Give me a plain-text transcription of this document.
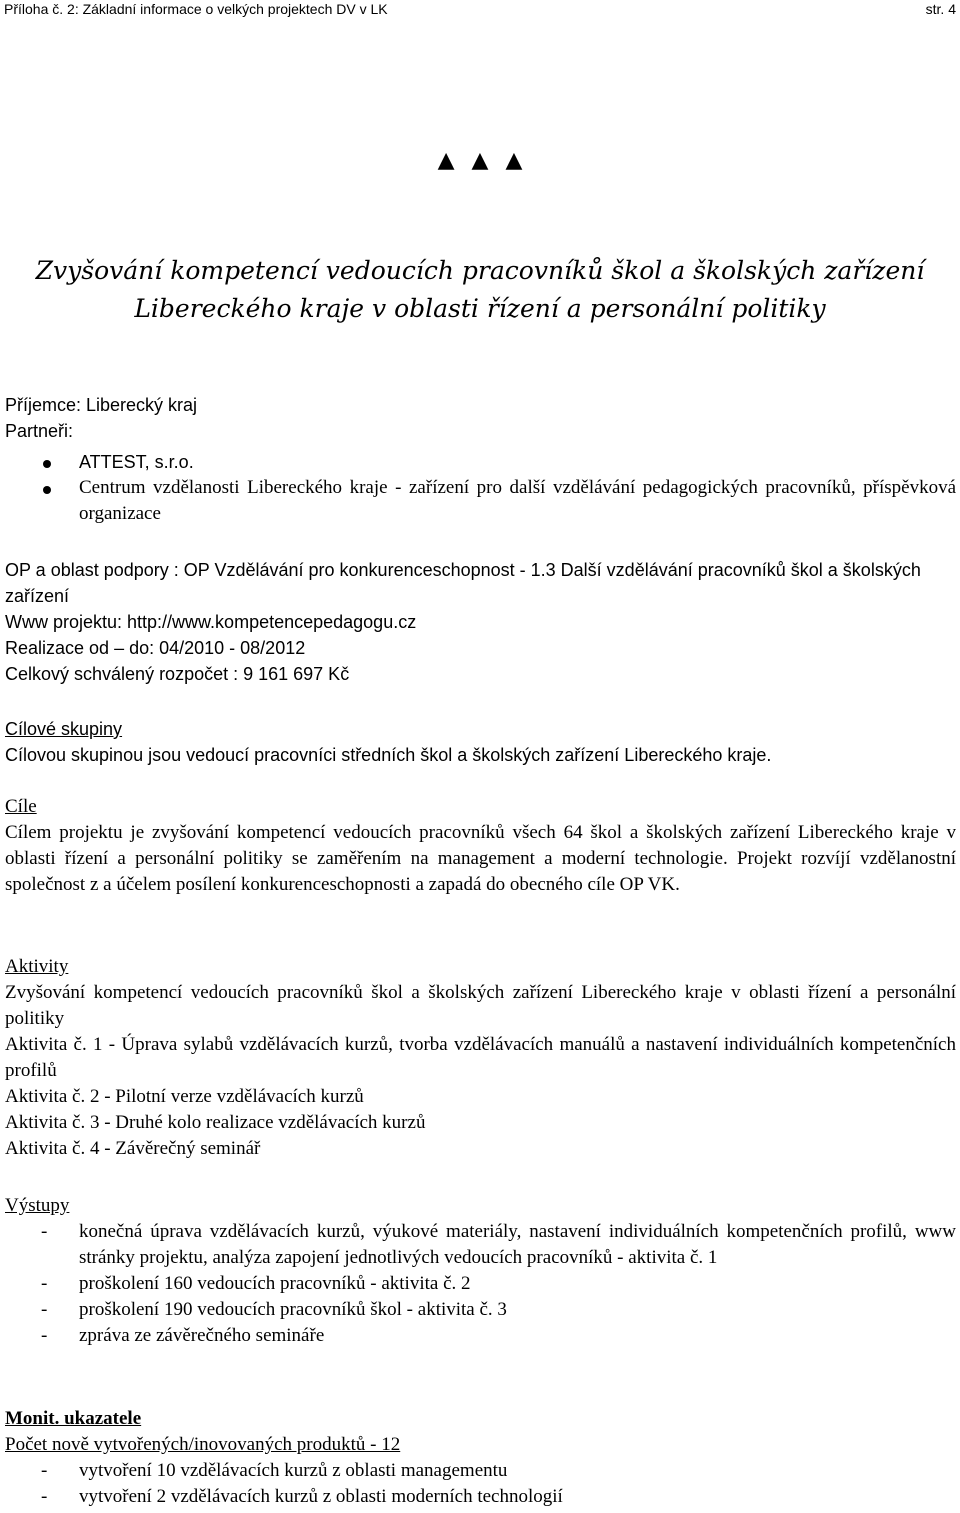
Příloha č. 2: Základní informace o velkých projektech DV v LK	str. 4
▲ ▲ ▲
Zvyšování kompetencí vedoucích pracovníků škol a školských zařízení
Libereckého kraje v oblasti řízení a personální politiky
Příjemce: Liberecký kraj
Partneři:
ATTEST, s.r.o.
Centrum vzdělanosti Libereckého kraje - zařízení pro další vzdělávání pedagogických pracovníků, příspěvková organizace
OP a oblast podpory : OP Vzdělávání pro konkurenceschopnost - 1.3 Další vzdělávání pracovníků škol a školských zařízení
Www projektu: http://www.kompetencepedagogu.cz
Realizace od – do: 04/2010 - 08/2012
Celkový schválený rozpočet : 9 161 697 Kč
Cílové skupiny
Cílovou skupinou jsou vedoucí pracovníci středních škol a školských zařízení Libereckého kraje.
Cíle
Cílem projektu je zvyšování kompetencí vedoucích pracovníků všech 64 škol a školských zařízení Libereckého kraje v oblasti řízení a personální politiky se zaměřením na management a moderní technologie. Projekt rozvíjí vzdělanostní společnost z a účelem posílení konkurenceschopnosti a zapadá do obecného cíle OP VK.
Aktivity
Zvyšování kompetencí vedoucích pracovníků škol a školských zařízení Libereckého kraje v oblasti řízení a personální politiky
Aktivita č. 1 - Úprava sylabů vzdělávacích kurzů, tvorba vzdělávacích manuálů a nastavení individuálních kompetenčních profilů
Aktivita č. 2 - Pilotní verze vzdělávacích kurzů
Aktivita č. 3 - Druhé kolo realizace vzdělávacích kurzů
Aktivita č. 4 - Závěrečný seminář
Výstupy
- konečná úprava vzdělávacích kurzů, výukové materiály, nastavení individuálních kompetenčních profilů, www stránky projektu, analýza zapojení jednotlivých vedoucích pracovníků - aktivita č. 1
- proškolení 160 vedoucích pracovníků - aktivita č. 2
- proškolení 190 vedoucích pracovníků škol - aktivita č. 3
- zpráva ze závěrečného semináře
Monit. ukazatele
Počet nově vytvořených/inovovaných produktů - 12
- vytvoření 10 vzdělávacích kurzů z oblasti managementu
- vytvoření 2 vzdělávacích kurzů z oblasti moderních technologií
